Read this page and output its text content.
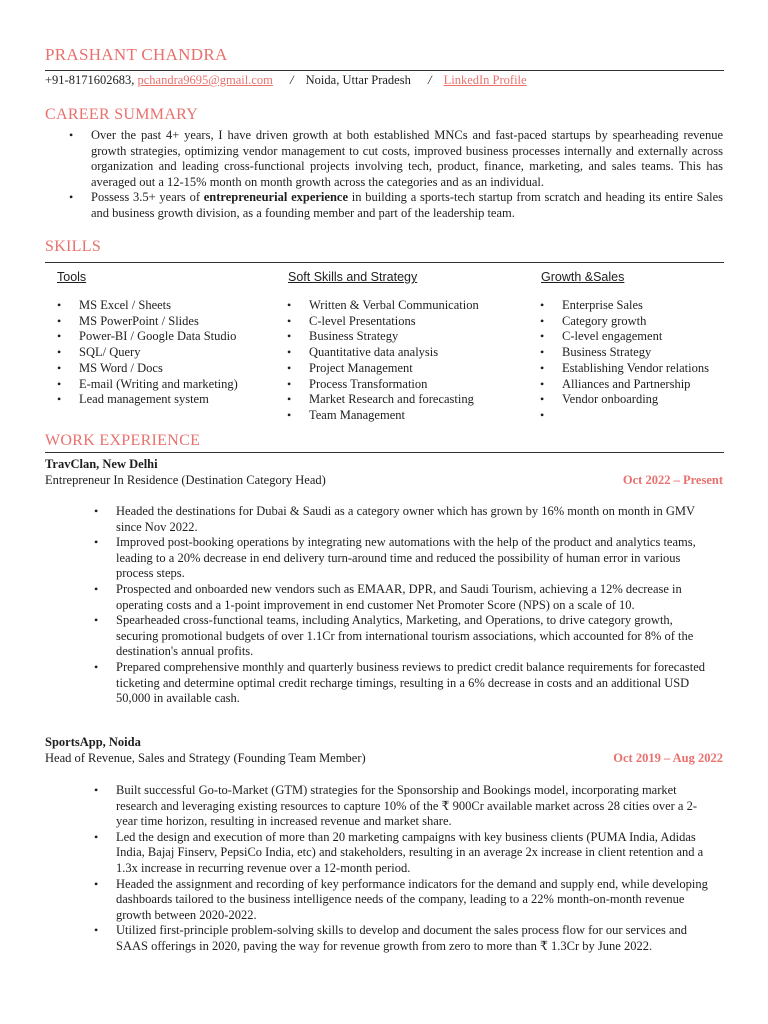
PRASHANT CHANDRA
+91-8171602683, pchandra9695@gmail.com / Noida, Uttar Pradesh / LinkedIn Profile
CAREER SUMMARY
• Over the past 4+ years, I have driven growth at both established MNCs and fast-paced startups by spearheading revenue growth strategies, optimizing vendor management to cut costs, improved business processes internally and externally across organization and leading cross-functional projects involving tech, product, finance, marketing, and sales teams. This has averaged out a 12-15% month on month growth across the categories and as an individual.
• Possess 3.5+ years of entrepreneurial experience in building a sports-tech startup from scratch and heading its entire Sales and business growth division, as a founding member and part of the leadership team.
SKILLS
Tools
• MS Excel / Sheets
• MS PowerPoint / Slides
• Power-BI / Google Data Studio
• SQL/ Query
• MS Word / Docs
• E-mail (Writing and marketing)
• Lead management system
Soft Skills and Strategy
• Written & Verbal Communication
• C-level Presentations
• Business Strategy
• Quantitative data analysis
• Project Management
• Process Transformation
• Market Research and forecasting
• Team Management
Growth &Sales
• Enterprise Sales
• Category growth
• C-level engagement
• Business Strategy
• Establishing Vendor relations
• Alliances and Partnership
• Vendor onboarding
•
WORK EXPERIENCE
TravClan, New Delhi
Entrepreneur In Residence (Destination Category Head)	Oct 2022 – Present
• Headed the destinations for Dubai & Saudi as a category owner which has grown by 16% month on month in GMV since Nov 2022.
• Improved post-booking operations by integrating new automations with the help of the product and analytics teams, leading to a 20% decrease in end delivery turn-around time and reduced the possibility of human error in various process steps.
• Prospected and onboarded new vendors such as EMAAR, DPR, and Saudi Tourism, achieving a 12% decrease in operating costs and a 1-point improvement in end customer Net Promoter Score (NPS) on a scale of 10.
• Spearheaded cross-functional teams, including Analytics, Marketing, and Operations, to drive category growth, securing promotional budgets of over 1.1Cr from international tourism associations, which accounted for 8% of the destination's annual profits.
• Prepared comprehensive monthly and quarterly business reviews to predict credit balance requirements for forecasted ticketing and determine optimal credit recharge timings, resulting in a 6% decrease in costs and an additional USD 50,000 in available cash.
SportsApp, Noida
Head of Revenue, Sales and Strategy (Founding Team Member)	Oct 2019 – Aug 2022
• Built successful Go-to-Market (GTM) strategies for the Sponsorship and Bookings model, incorporating market research and leveraging existing resources to capture 10% of the ₹ 900Cr available market across 28 cities over a 2-year time horizon, resulting in increased revenue and market share.
• Led the design and execution of more than 20 marketing campaigns with key business clients (PUMA India, Adidas India, Bajaj Finserv, PepsiCo India, etc) and stakeholders, resulting in an average 2x increase in client retention and a 1.3x increase in recurring revenue over a 12-month period.
• Headed the assignment and recording of key performance indicators for the demand and supply end, while developing dashboards tailored to the business intelligence needs of the company, leading to a 22% month-on-month revenue growth between 2020-2022.
• Utilized first-principle problem-solving skills to develop and document the sales process flow for our services and SAAS offerings in 2020, paving the way for revenue growth from zero to more than ₹ 1.3Cr by June 2022.
